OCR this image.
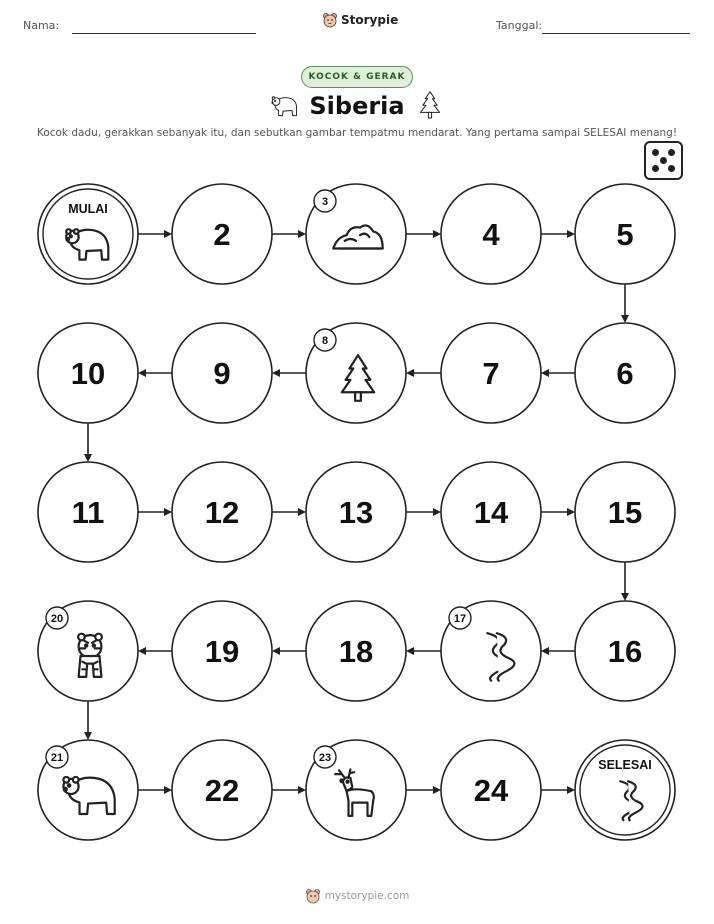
Nama:	Storypie	Tanggal:
KOCOK & GERAK
Siberia
Kocok dadu, gerakkan sebanyak itu, dan sebutkan gambar tempatmu mendarat. Yang pertama sampai SELESAI menang!
MULAI
2
3
4	5
6
7
8
9
10
11	12	13	14	15
16
17
18
19
20
21
22
23
24
SELESAI
mystorypie.com
